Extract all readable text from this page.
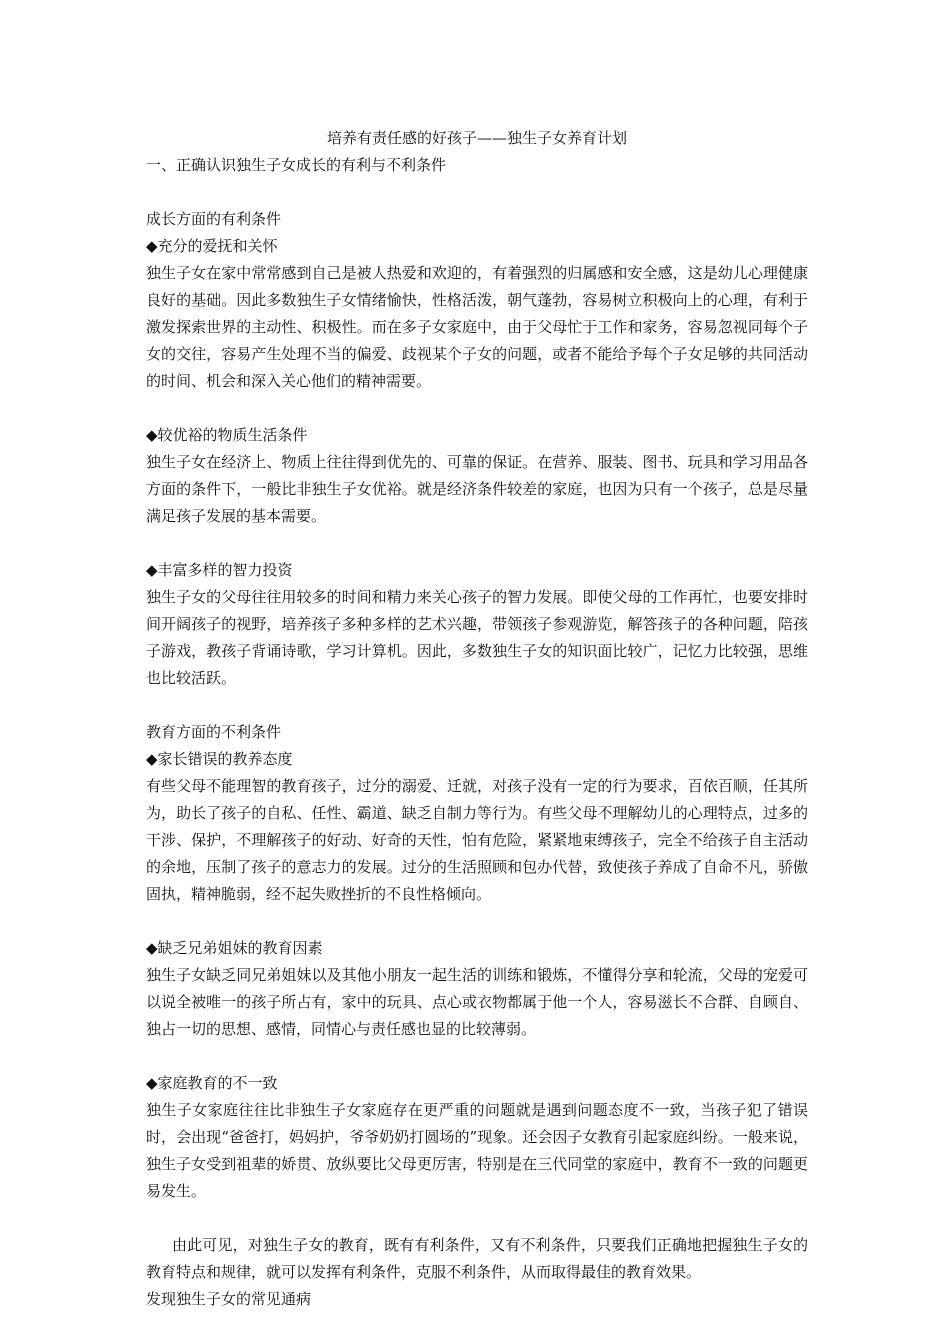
培养有责任感的好孩子——独生子女养育计划

一、正确认识独生子女成长的有利与不利条件

成长方面的有利条件

◆充分的爱抚和关怀

独生子女在家中常常感到自己是被人热爱和欢迎的，有着强烈的归属感和安全感，这是幼儿心理健康良好的基础。因此多数独生子女情绪愉快，性格活泼，朝气蓬勃，容易树立积极向上的心理，有利于激发探索世界的主动性、积极性。而在多子女家庭中，由于父母忙于工作和家务，容易忽视同每个子女的交往，容易产生处理不当的偏爱、歧视某个子女的问题，或者不能给予每个子女足够的共同活动的时间、机会和深入关心他们的精神需要。

◆较优裕的物质生活条件

独生子女在经济上、物质上往往得到优先的、可靠的保证。在营养、服装、图书、玩具和学习用品各方面的条件下，一般比非独生子女优裕。就是经济条件较差的家庭，也因为只有一个孩子，总是尽量满足孩子发展的基本需要。

◆丰富多样的智力投资

独生子女的父母往往用较多的时间和精力来关心孩子的智力发展。即使父母的工作再忙，也要安排时间开阔孩子的视野，培养孩子多种多样的艺术兴趣，带领孩子参观游览，解答孩子的各种问题，陪孩子游戏，教孩子背诵诗歌，学习计算机。因此，多数独生子女的知识面比较广，记忆力比较强，思维也比较活跃。

教育方面的不利条件

◆家长错误的教养态度

有些父母不能理智的教育孩子，过分的溺爱、迁就，对孩子没有一定的行为要求，百依百顺，任其所为，助长了孩子的自私、任性、霸道、缺乏自制力等行为。有些父母不理解幼儿的心理特点，过多的干涉、保护，不理解孩子的好动、好奇的天性，怕有危险，紧紧地束缚孩子，完全不给孩子自主活动的余地，压制了孩子的意志力的发展。过分的生活照顾和包办代替，致使孩子养成了自命不凡，骄傲固执，精神脆弱，经不起失败挫折的不良性格倾向。

◆缺乏兄弟姐妹的教育因素

独生子女缺乏同兄弟姐妹以及其他小朋友一起生活的训练和锻炼，不懂得分享和轮流，父母的宠爱可以说全被唯一的孩子所占有，家中的玩具、点心或衣物都属于他一个人，容易滋长不合群、自顾自、独占一切的思想、感情，同情心与责任感也显的比较薄弱。

◆家庭教育的不一致

独生子女家庭往往比非独生子女家庭存在更严重的问题就是遇到问题态度不一致，当孩子犯了错误时，会出现“爸爸打，妈妈护，爷爷奶奶打圆场的”现象。还会因子女教育引起家庭纠纷。一般来说，独生子女受到祖辈的娇贯、放纵要比父母更厉害，特别是在三代同堂的家庭中，教育不一致的问题更易发生。

由此可见，对独生子女的教育，既有有利条件，又有不利条件，只要我们正确地把握独生子女的教育特点和规律，就可以发挥有利条件，克服不利条件，从而取得最佳的教育效果。

发现独生子女的常见通病
